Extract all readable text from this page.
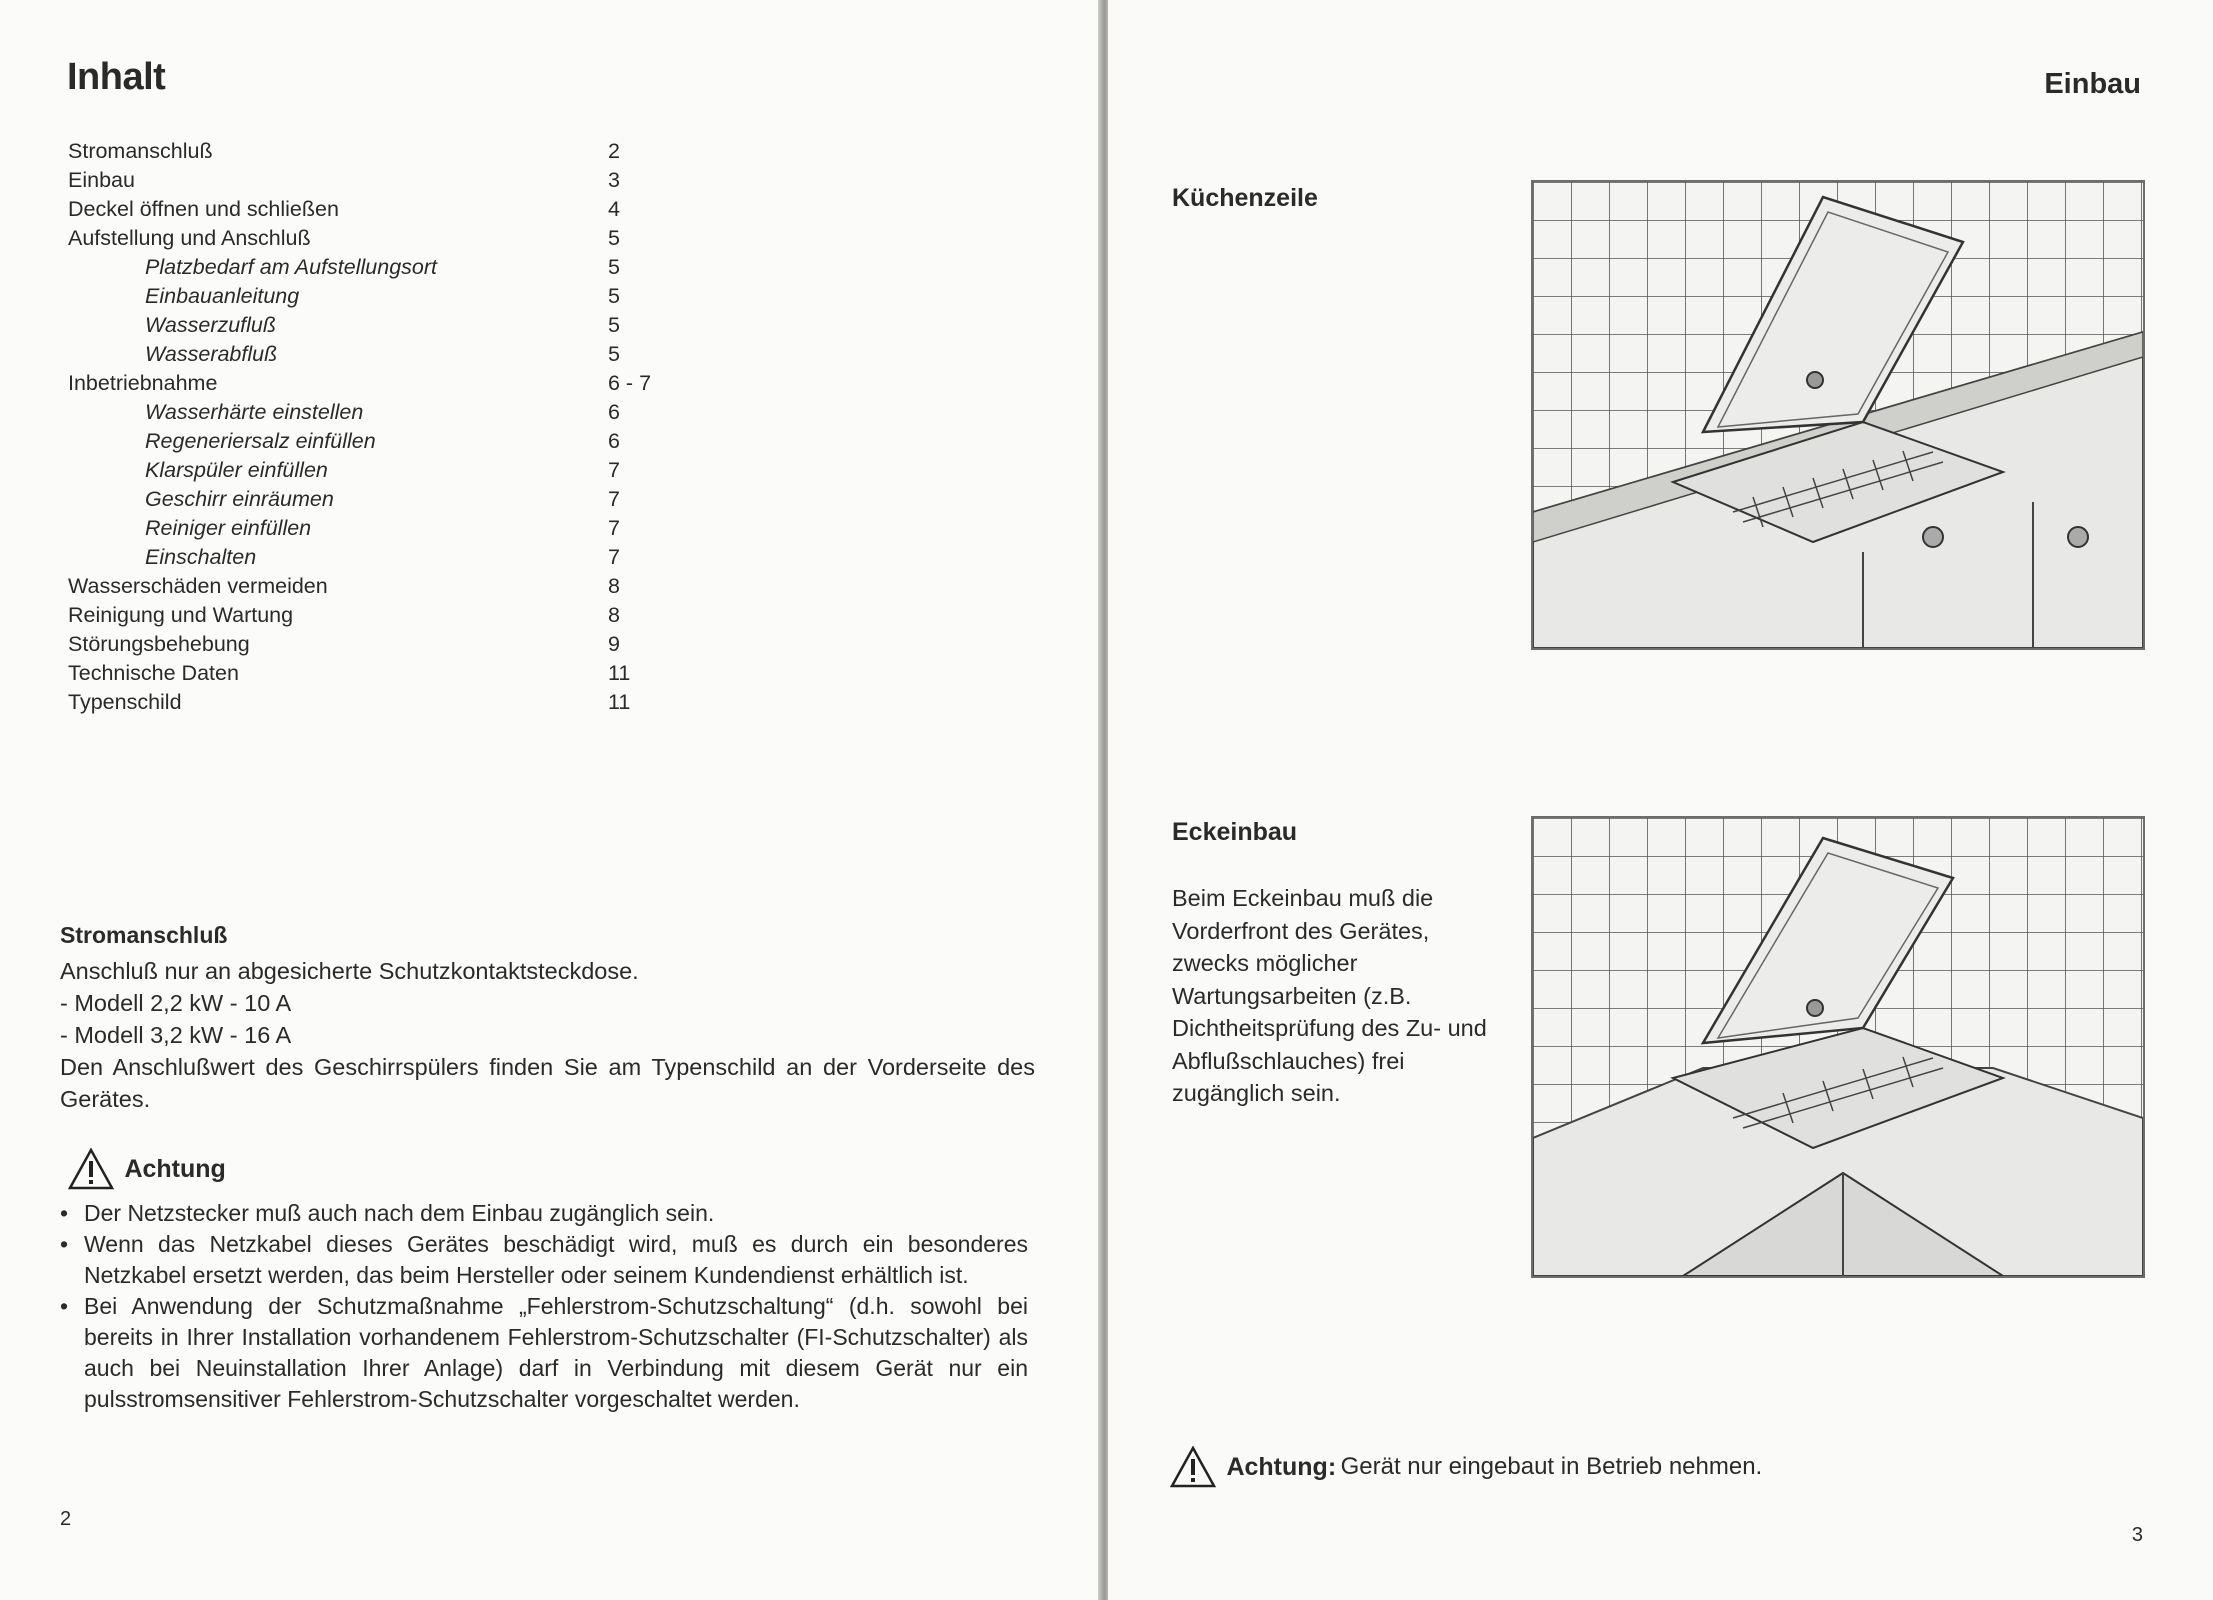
Inhalt
Stromanschluß	2
Einbau	3
Deckel öffnen und schließen	4
Aufstellung und Anschluß	5
Platzbedarf am Aufstellungsort	5
Einbauanleitung	5
Wasserzufluß	5
Wasserabfluß	5
Inbetriebnahme	6 - 7
Wasserhärte einstellen	6
Regeneriersalz einfüllen	6
Klarspüler einfüllen	7
Geschirr einräumen	7
Reiniger einfüllen	7
Einschalten	7
Wasserschäden vermeiden	8
Reinigung und Wartung	8
Störungsbehebung	9
Technische Daten	11
Typenschild	11
Stromanschluß
Anschluß nur an abgesicherte Schutzkontaktsteckdose.
- Modell 2,2 kW - 10 A
- Modell 3,2 kW - 16 A
Den Anschlußwert des Geschirrspülers finden Sie am Typenschild an der Vorderseite des Gerätes.
Achtung
• Der Netzstecker muß auch nach dem Einbau zugänglich sein.
• Wenn das Netzkabel dieses Gerätes beschädigt wird, muß es durch ein besonderes Netzkabel ersetzt werden, das beim Hersteller oder seinem Kundendienst erhältlich ist.
• Bei Anwendung der Schutzmaßnahme „Fehlerstrom-Schutzschaltung“ (d.h. sowohl bei bereits in Ihrer Installation vorhandenem Fehlerstrom-Schutzschalter (FI-Schutzschalter) als auch bei Neuinstallation Ihrer Anlage) darf in Verbindung mit diesem Gerät nur ein pulsstromsensitiver Fehlerstrom-Schutzschalter vorgeschaltet werden.
2
Einbau
Küchenzeile
Eckeinbau
Beim Eckeinbau muß die Vorderfront des Gerätes, zwecks möglicher Wartungsarbeiten (z.B. Dichtheitsprüfung des Zu- und Abflußschlauches) frei zugänglich sein.
Achtung: Gerät nur eingebaut in Betrieb nehmen.
3
